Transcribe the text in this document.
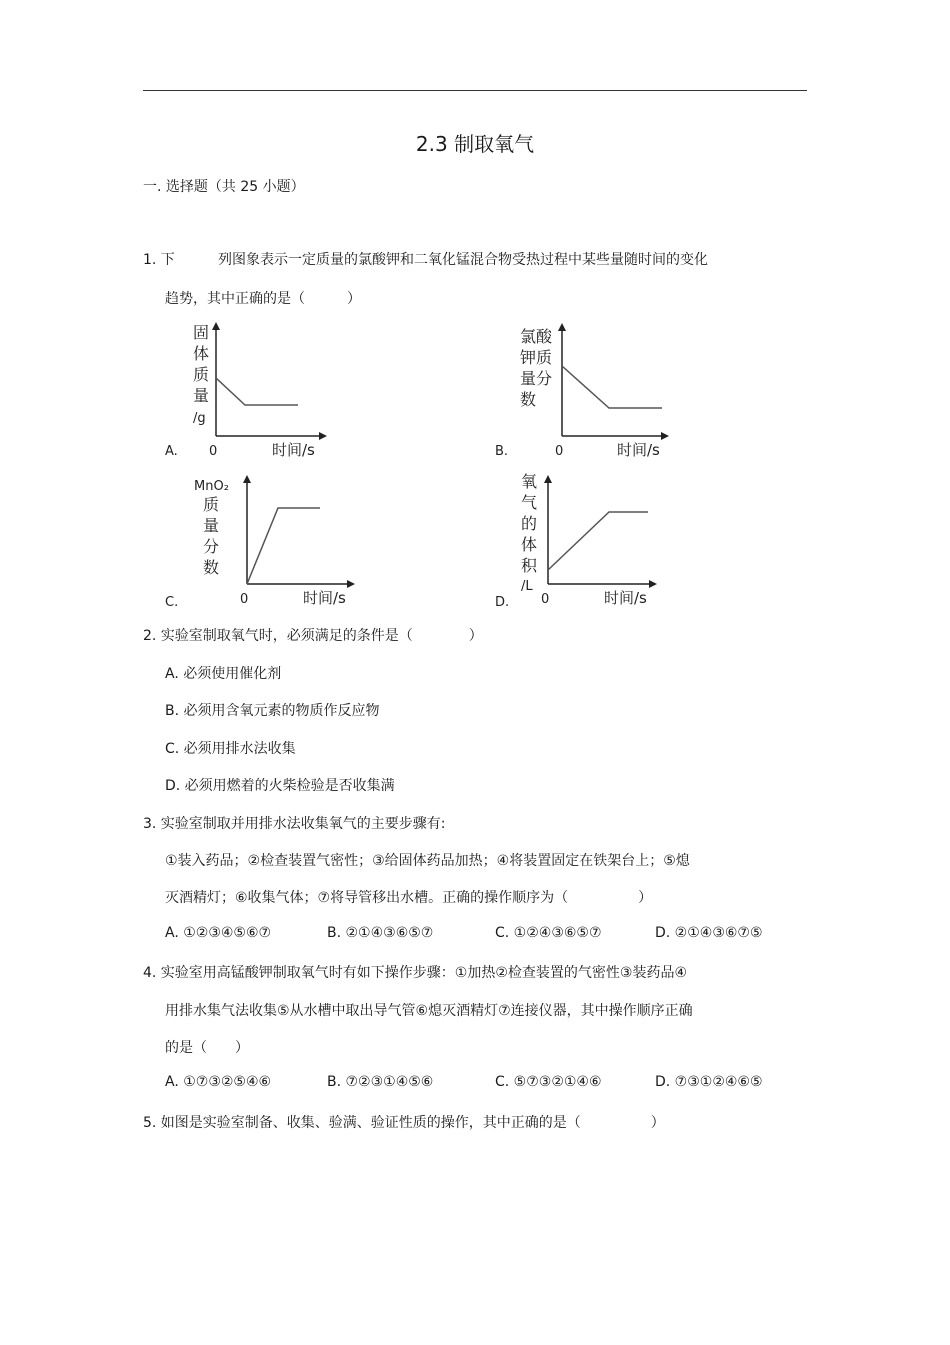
2.3 制取氧气
一. 选择题（共 25 小题）
1. 下	列图象表示一定质量的氯酸钾和二氧化锰混合物受热过程中某些量随时间的变化
趋势，其中正确的是（　　　）
A.
固
体
质
量
/g
0	时间/s	B.
氯酸
钾质
量分
数
0	时间/s
C.
MnO₂
质
量
分
数
0	时间/s	D.
氧
气
的
体
积
/L
0	时间/s
2. 实验室制取氧气时，必须满足的条件是（　　　　）
A. 必须使用催化剂
B. 必须用含氧元素的物质作反应物
C. 必须用排水法收集
D. 必须用燃着的火柴检验是否收集满
3. 实验室制取并用排水法收集氧气的主要步骤有:
①装入药品；②检查装置气密性；③给固体药品加热；④将装置固定在铁架台上；⑤熄
灭酒精灯；⑥收集气体；⑦将导管移出水槽。正确的操作顺序为（　　　　　）
A. ①②③④⑤⑥⑦	B. ②①④③⑥⑤⑦	C. ①②④③⑥⑤⑦	D. ②①④③⑥⑦⑤
4. 实验室用高锰酸钾制取氧气时有如下操作步骤：①加热②检查装置的气密性③装药品④
用排水集气法收集⑤从水槽中取出导气管⑥熄灭酒精灯⑦连接仪器，其中操作顺序正确
的是（　　）
A. ①⑦③②⑤④⑥	B. ⑦②③①④⑤⑥	C. ⑤⑦③②①④⑥	D. ⑦③①②④⑥⑤
5. 如图是实验室制备、收集、验满、验证性质的操作，其中正确的是（　　　　　）
